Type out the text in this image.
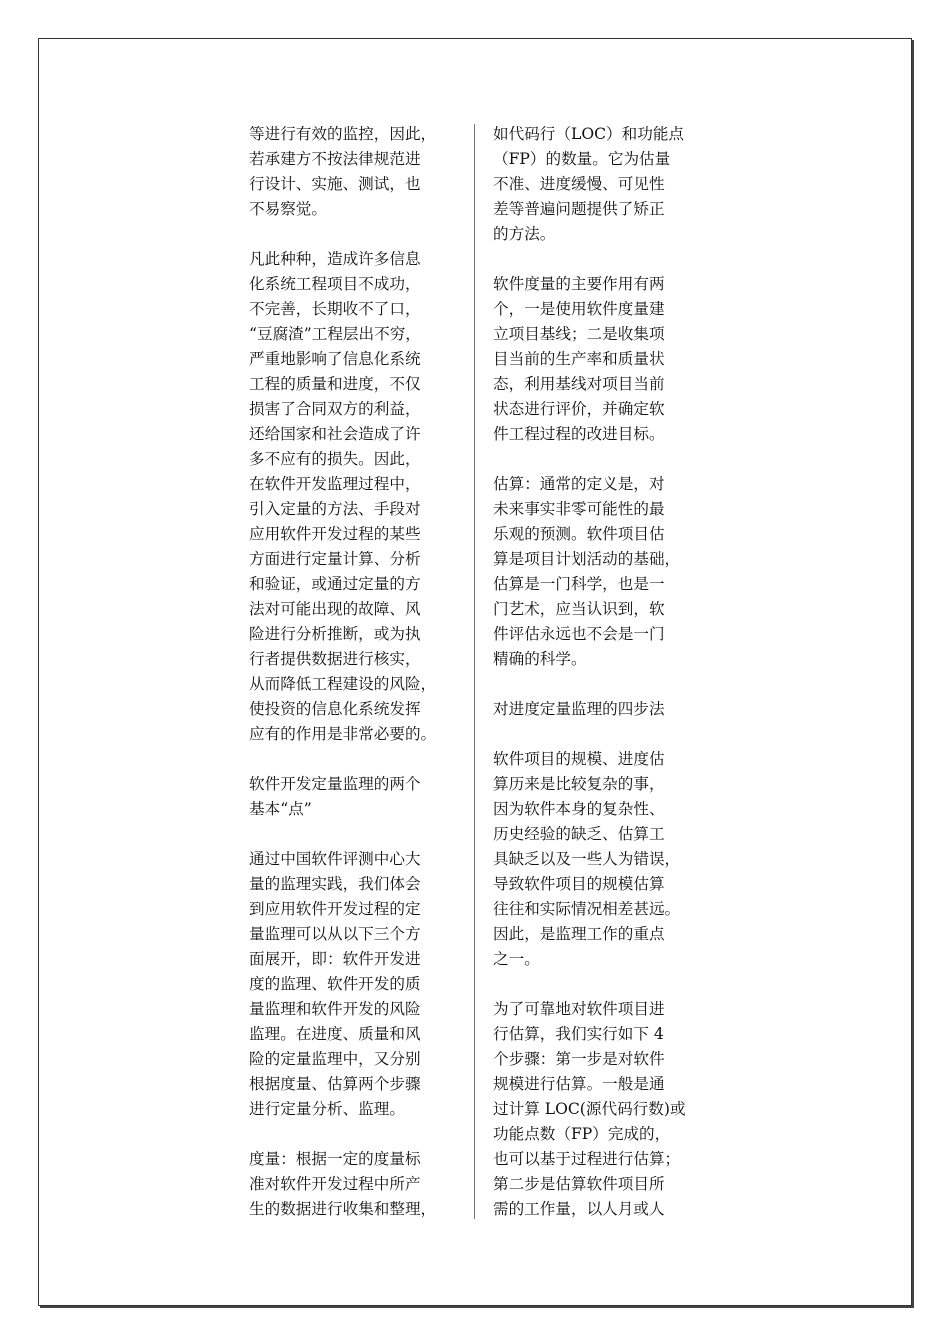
等进行有效的监控，因此，
若承建方不按法律规范进
行设计、实施、测试，也
不易察觉。
凡此种种，造成许多信息
化系统工程项目不成功，
不完善，长期收不了口，
“豆腐渣”工程层出不穷，
严重地影响了信息化系统
工程的质量和进度，不仅
损害了合同双方的利益，
还给国家和社会造成了许
多不应有的损失。因此，
在软件开发监理过程中，
引入定量的方法、手段对
应用软件开发过程的某些
方面进行定量计算、分析
和验证，或通过定量的方
法对可能出现的故障、风
险进行分析推断，或为执
行者提供数据进行核实，
从而降低工程建设的风险，
使投资的信息化系统发挥
应有的作用是非常必要的。
软件开发定量监理的两个
基本“点”
通过中国软件评测中心大
量的监理实践，我们体会
到应用软件开发过程的定
量监理可以从以下三个方
面展开，即：软件开发进
度的监理、软件开发的质
量监理和软件开发的风险
监理。在进度、质量和风
险的定量监理中，又分别
根据度量、估算两个步骤
进行定量分析、监理。
度量：根据一定的度量标
准对软件开发过程中所产
生的数据进行收集和整理，
如代码行（LOC）和功能点
（FP）的数量。它为估量
不准、进度缓慢、可见性
差等普遍问题提供了矫正
的方法。
软件度量的主要作用有两
个，一是使用软件度量建
立项目基线；二是收集项
目当前的生产率和质量状
态，利用基线对项目当前
状态进行评价，并确定软
件工程过程的改进目标。
估算：通常的定义是，对
未来事实非零可能性的最
乐观的预测。软件项目估
算是项目计划活动的基础，
估算是一门科学，也是一
门艺术，应当认识到，软
件评估永远也不会是一门
精确的科学。
对进度定量监理的四步法
软件项目的规模、进度估
算历来是比较复杂的事，
因为软件本身的复杂性、
历史经验的缺乏、估算工
具缺乏以及一些人为错误，
导致软件项目的规模估算
往往和实际情况相差甚远。
因此，是监理工作的重点
之一。
为了可靠地对软件项目进
行估算，我们实行如下 4
个步骤：第一步是对软件
规模进行估算。一般是通
过计算 LOC(源代码行数)或
功能点数（FP）完成的，
也可以基于过程进行估算；
第二步是估算软件项目所
需的工作量，以人月或人
